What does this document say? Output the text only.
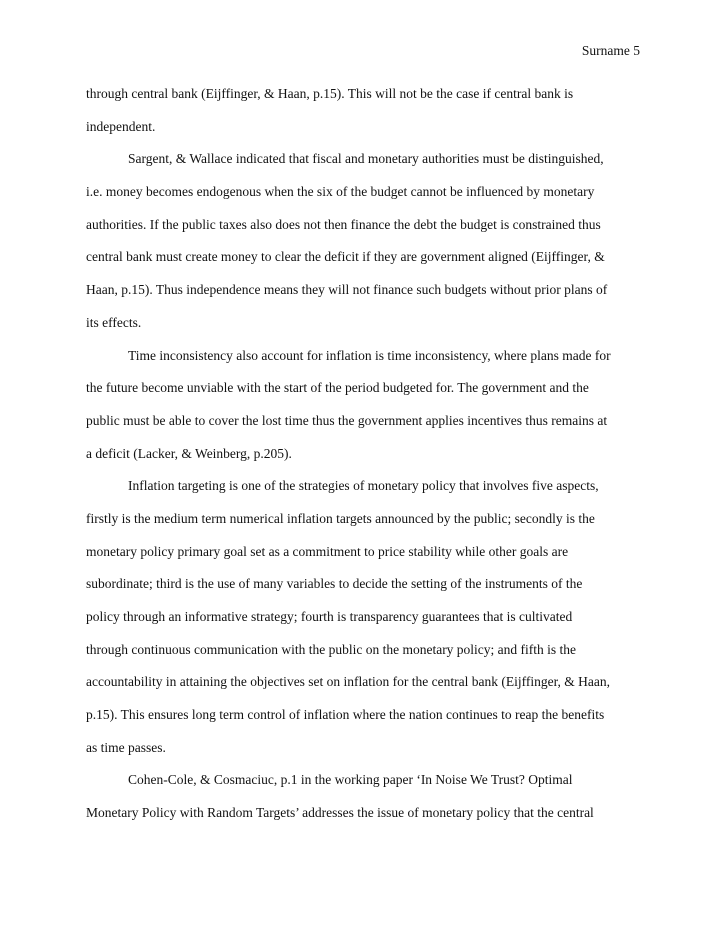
Surname 5
through central bank (Eijffinger, & Haan, p.15). This will not be the case if central bank is
independent.
Sargent, & Wallace indicated that fiscal and monetary authorities must be distinguished,
i.e. money becomes endogenous when the six of the budget cannot be influenced by monetary
authorities. If the public taxes also does not then finance the debt the budget is constrained thus
central bank must create money to clear the deficit if they are government aligned (Eijffinger, &
Haan, p.15). Thus independence means they will not finance such budgets without prior plans of
its effects.
Time inconsistency also account for inflation is time inconsistency, where plans made for
the future become unviable with the start of the period budgeted for. The government and the
public must be able to cover the lost time thus the government applies incentives thus remains at
a deficit (Lacker, & Weinberg, p.205).
Inflation targeting is one of the strategies of monetary policy that involves five aspects,
firstly is the medium term numerical inflation targets announced by the public; secondly is the
monetary policy primary goal set as a commitment to price stability while other goals are
subordinate; third is the use of many variables to decide the setting of the instruments of the
policy through an informative strategy; fourth is transparency guarantees that is cultivated
through continuous communication with the public on the monetary policy; and fifth is the
accountability in attaining the objectives set on inflation for the central bank (Eijffinger, & Haan,
p.15). This ensures long term control of inflation where the nation continues to reap the benefits
as time passes.
Cohen-Cole, & Cosmaciuc, p.1 in the working paper ‘In Noise We Trust? Optimal
Monetary Policy with Random Targets’ addresses the issue of monetary policy that the central
